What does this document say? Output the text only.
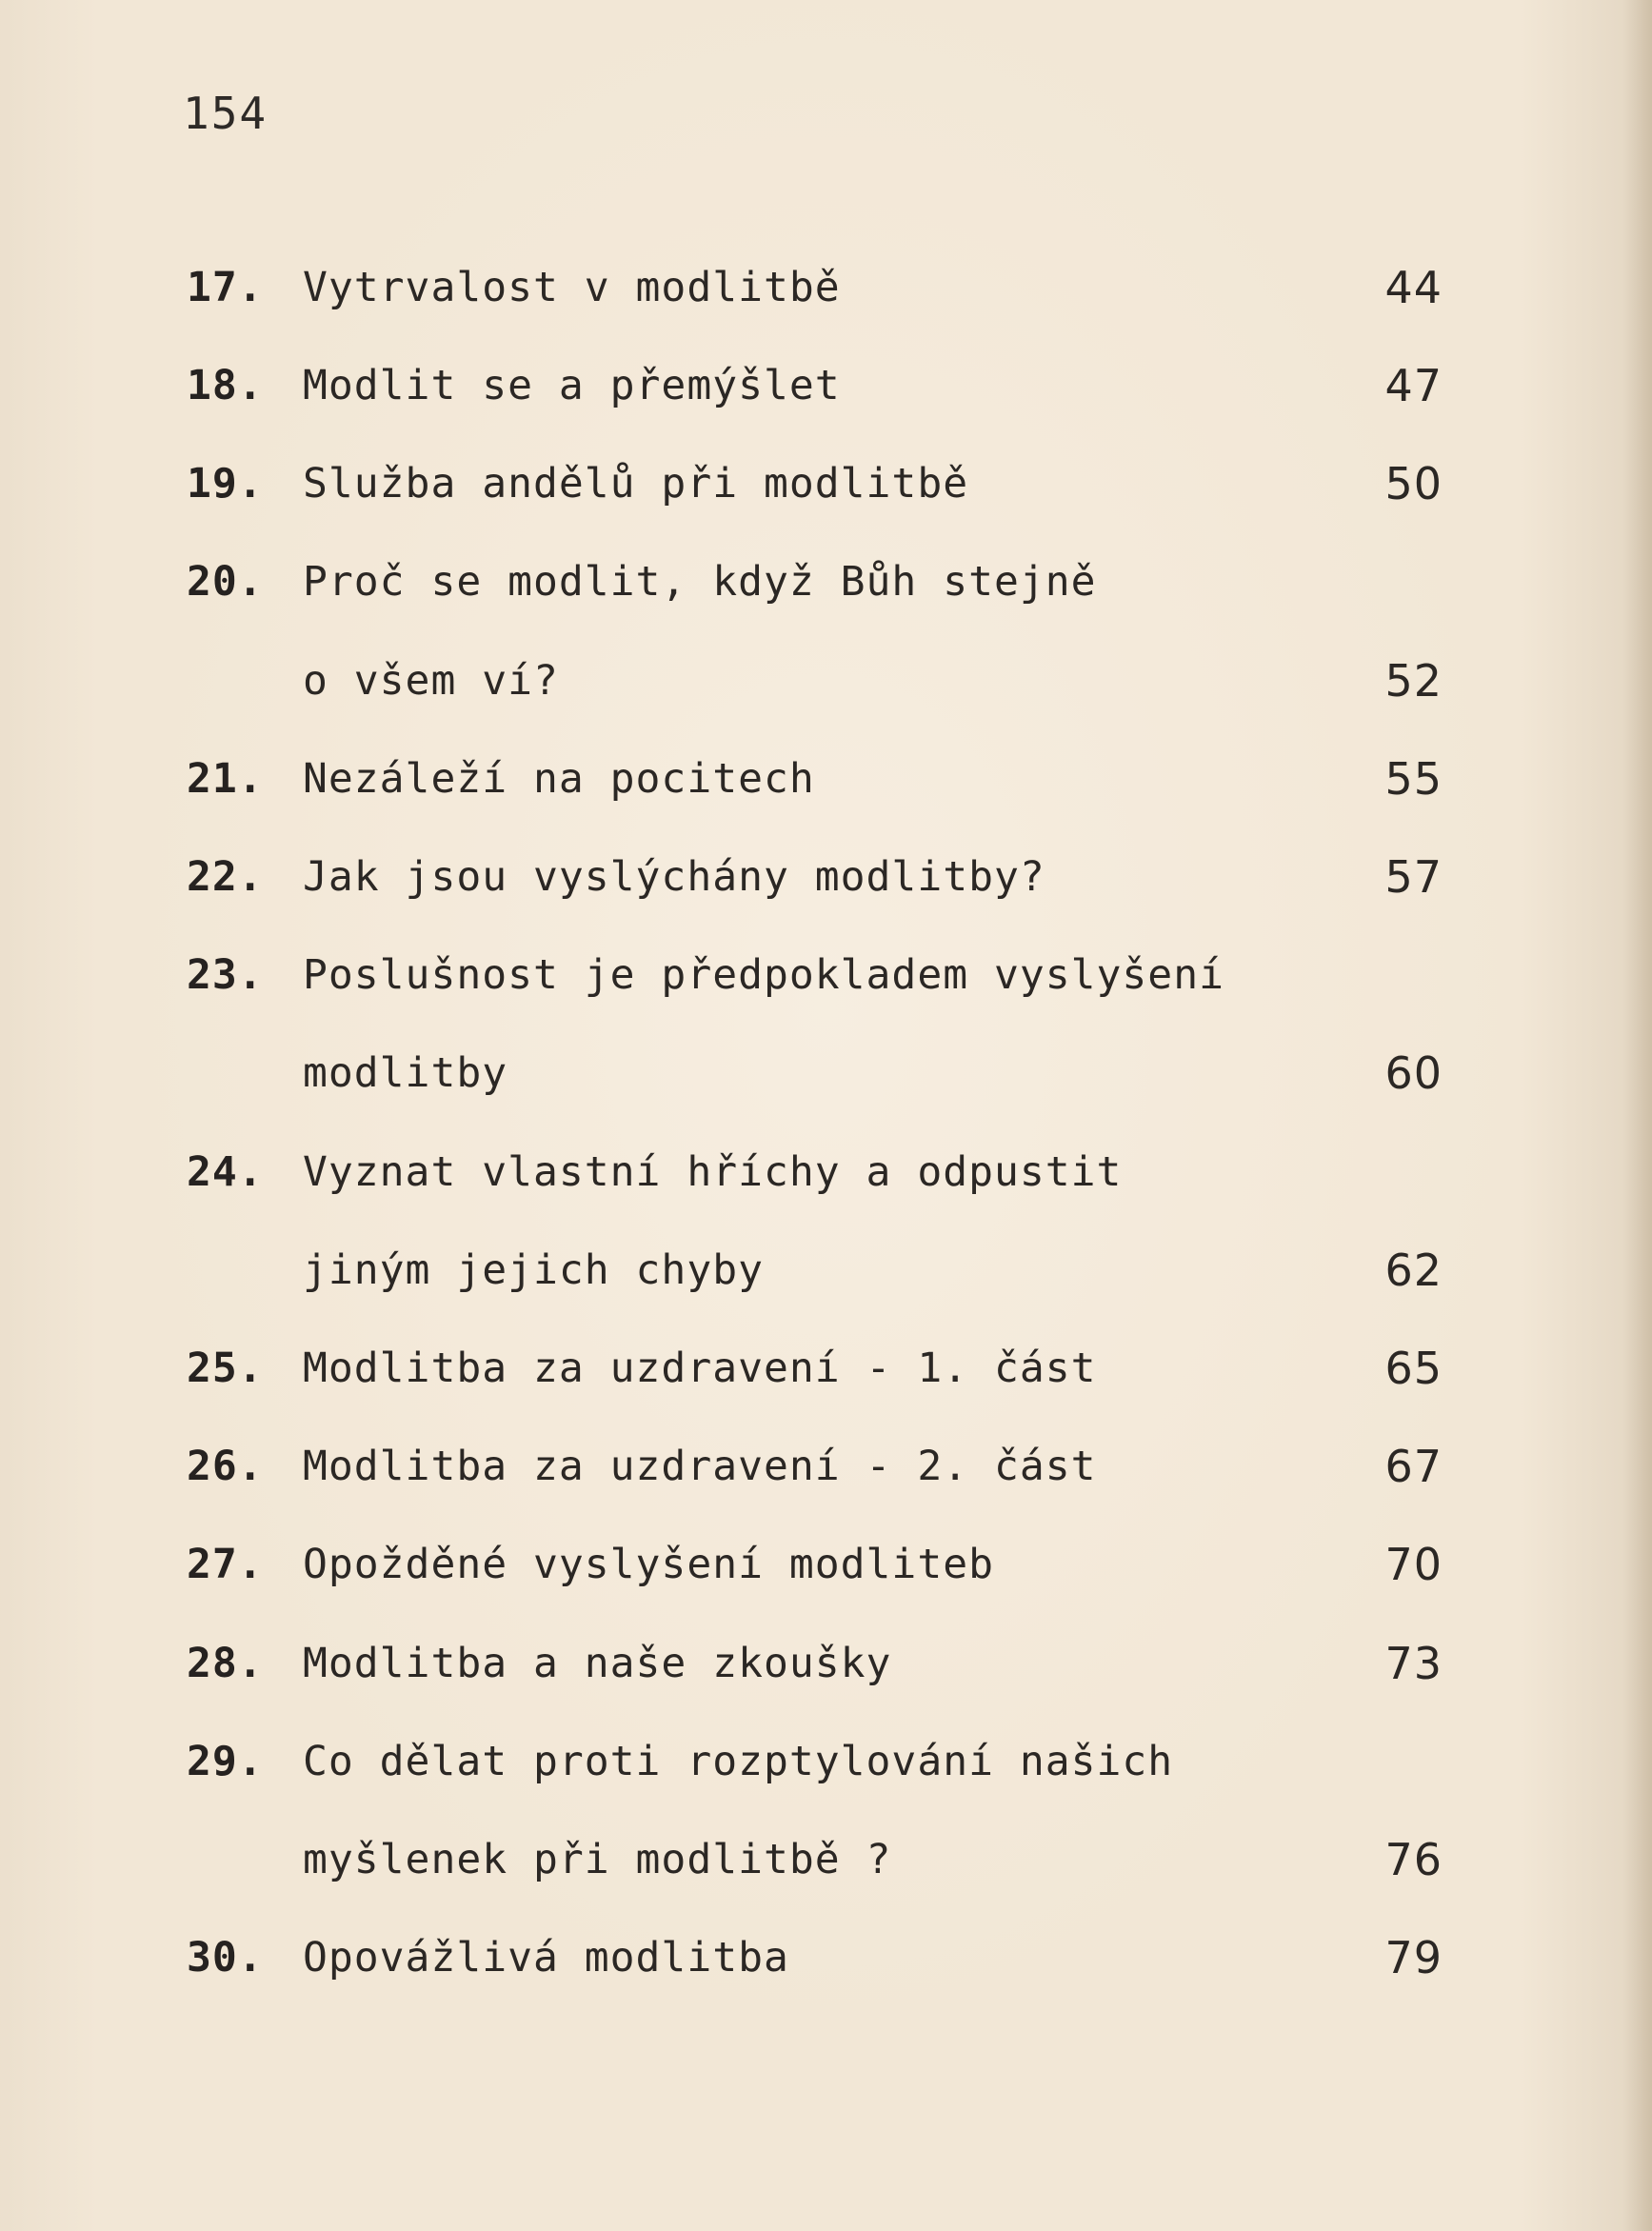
154
17. Vytrvalost v modlitbě	44
18. Modlit se a přemýšlet	47
19. Služba andělů při modlitbě	50
20. Proč se modlit, když Bůh stejně
o všem ví?	52
21. Nezáleží na pocitech	55
22. Jak jsou vyslýchány modlitby?	57
23. Poslušnost je předpokladem vyslyšení
modlitby	60
24. Vyznat vlastní hříchy a odpustit
jiným jejich chyby	62
25. Modlitba za uzdravení - 1. část	65
26. Modlitba za uzdravení - 2. část	67
27. Opožděné vyslyšení modliteb	70
28. Modlitba a naše zkoušky	73
29. Co dělat proti rozptylování našich
myšlenek při modlitbě ?	76
30. Opovážlivá modlitba	79
